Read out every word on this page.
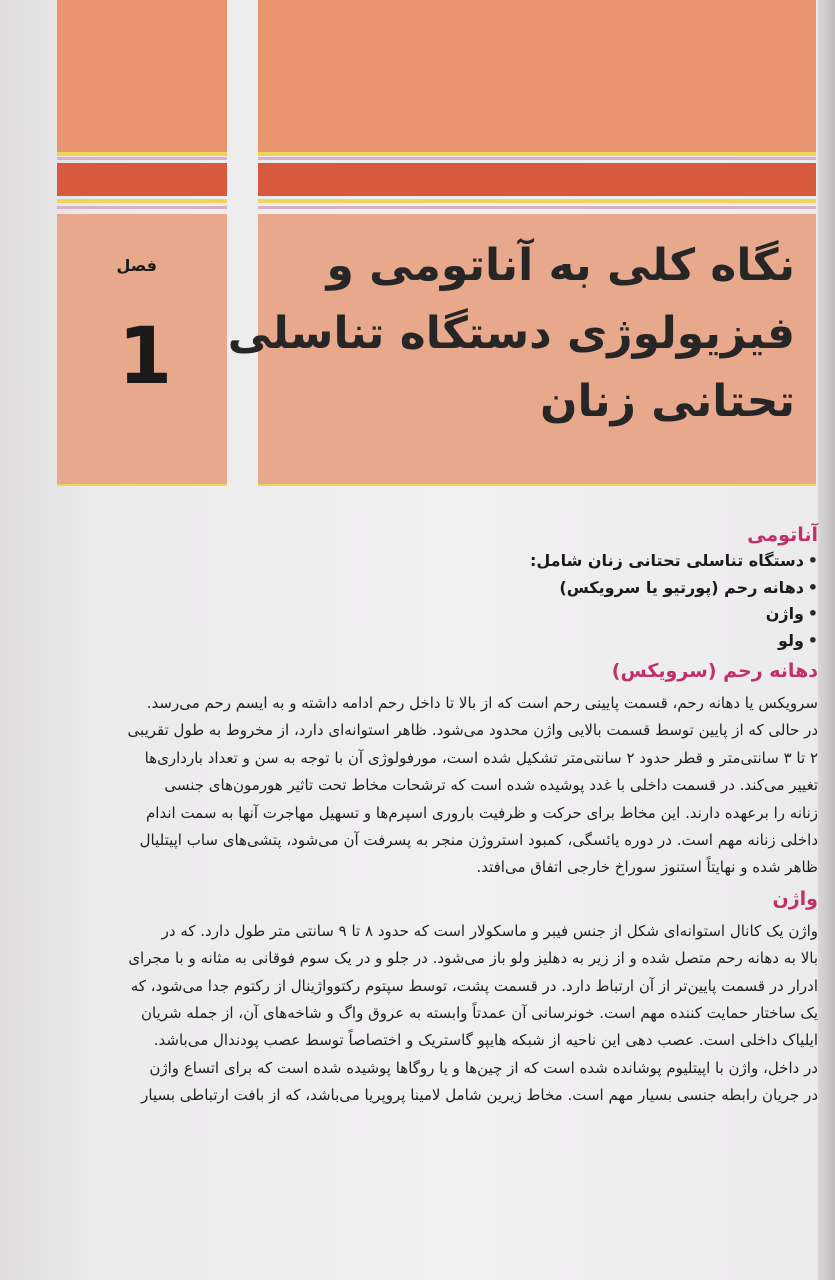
فصل
1
نگاه کلی به آناتومی و
فیزیولوژی دستگاه تناسلی
تحتانی زنان
آناتومی
• دستگاه تناسلی تحتانی زنان شامل:
• دهانه رحم (پورتیو یا سرویکس)
• واژن
• ولو
دهانه رحم (سرویکس)
سرویکس یا دهانه رحم، قسمت پایینی رحم است که از بالا تا داخل رحم ادامه داشته و به ایسم رحم می‌رسد.
در حالی که از پایین توسط قسمت بالایی واژن محدود می‌شود. ظاهر استوانه‌ای دارد، از مخروط به طول تقریبی
۲ تا ۳ سانتی‌متر و قطر حدود ۲ سانتی‌متر تشکیل شده است، مورفولوژی آن با توجه به سن و تعداد بارداری‌ها
تغییر می‌کند. در قسمت داخلی با غدد پوشیده شده است که ترشحات مخاط تحت تاثیر هورمون‌های جنسی
زنانه را برعهده دارند. این مخاط برای حرکت و ظرفیت باروری اسپرم‌ها و تسهیل مهاجرت آنها به سمت اندام
داخلی زنانه مهم است. در دوره یائسگی، کمبود استروژن منجر به پسرفت آن می‌شود، پتشی‌های ساب اپیتلیال
ظاهر شده و نهایتاً استنوز سوراخ خارجی اتفاق می‌افتد.
واژن
واژن یک کانال استوانه‌ای شکل از جنس فیبر و ماسکولار است که حدود ۸ تا ۹ سانتی متر طول دارد. که در
بالا به دهانه رحم متصل شده و از زیر به دهلیز ولو باز می‌شود. در جلو و در یک سوم فوقانی به مثانه و با مجرای
ادرار در قسمت پایین‌تر از آن ارتباط دارد. در قسمت پشت، توسط سپتوم رکتوواژینال از رکتوم جدا می‌شود، که
یک ساختار حمایت کننده مهم است. خونرسانی آن عمدتاً وابسته به عروق واگ و شاخه‌های آن، از جمله شریان
ایلیاک داخلی است. عصب دهی این ناحیه از شبکه هایپو گاستریک و اختصاصاً توسط عصب پودندال می‌باشد.
در داخل، واژن با اپیتلیوم پوشانده شده است که از چین‌ها و یا روگاها پوشیده شده است که برای اتساع واژن
در جریان رابطه جنسی بسیار مهم است. مخاط زیرین شامل لامینا پروپریا می‌باشد، که از بافت ارتباطی بسیار
